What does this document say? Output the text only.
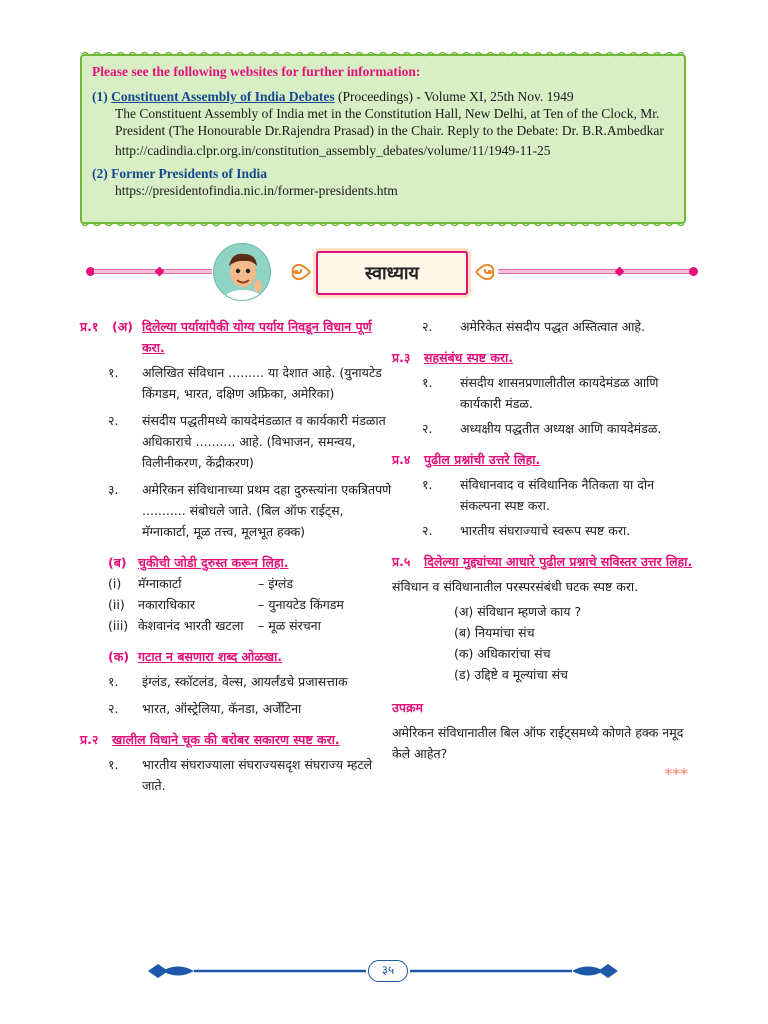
Please see the following websites for further information:
(1) Constituent Assembly of India Debates (Proceedings) - Volume XI, 25th Nov. 1949
The Constituent Assembly of India met in the Constitution Hall, New Delhi, at Ten of the Clock, Mr. President (The Honourable Dr.Rajendra Prasad) in the Chair. Reply to the Debate: Dr. B.R.Ambedkar
http://cadindia.clpr.org.in/constitution_assembly_debates/volume/11/1949-11-25
(2) Former Presidents of India
https://presidentofindia.nic.in/former-presidents.htm
स्वाध्याय
प्र.१	(अ) दिलेल्या पर्यायांपैकी योग्य पर्याय निवडून विधान पूर्ण करा.
१.	अलिखित संविधान ......... या देशात आहे. (युनायटेड किंगडम, भारत, दक्षिण अफ्रिका, अमेरिका)
२.	संसदीय पद्धतीमध्ये कायदेमंडळात व कार्यकारी मंडळात अधिकाराचे .......... आहे. (विभाजन, समन्वय, विलीनीकरण, केंद्रीकरण)
३.	अमेरिकन संविधानाच्या प्रथम दहा दुरुस्त्यांना एकत्रितपणे ........... संबोधले जाते. (बिल ऑफ राईट्स, मॅग्नाकार्टा, मूळ तत्त्व, मूलभूत हक्क)
(ब) चुकीची जोडी दुरुस्त करून लिहा.
(i)	मॅग्नाकार्टा	– इंग्लंड
(ii)	नकाराधिकार	– युनायटेड किंगडम
(iii) केशवानंद भारती खटला	– मूळ संरचना
(क) गटात न बसणारा शब्द ओळखा.
१.	इंग्लंड, स्कॉटलंड, वेल्स, आयर्लंडचे प्रजासत्ताक
२.	भारत, ऑस्ट्रेलिया, कॅनडा, अर्जेंटिना
प्र.२	खालील विधाने चूक की बरोबर सकारण स्पष्ट करा.
१.	भारतीय संघराज्याला संघराज्यसदृश संघराज्य म्हटले जाते.
२.	अमेरिकेत संसदीय पद्धत अस्तित्वात आहे.
प्र.३	सहसंबंध स्पष्ट करा.
१.	संसदीय शासनप्रणालीतील कायदेमंडळ आणि कार्यकारी मंडळ.
२.	अध्यक्षीय पद्धतीत अध्यक्ष आणि कायदेमंडळ.
प्र.४	पुढील प्रश्नांची उत्तरे लिहा.
१.	संविधानवाद व संविधानिक नैतिकता या दोन संकल्पना स्पष्ट करा.
२.	भारतीय संघराज्याचे स्वरूप स्पष्ट करा.
प्र.५	दिलेल्या मुद्द्यांच्या आधारे पुढील प्रश्नाचे सविस्तर उत्तर लिहा.
संविधान व संविधानातील परस्परसंबंधी घटक स्पष्ट करा.
(अ) संविधान म्हणजे काय ?
(ब) नियमांचा संच
(क) अधिकारांचा संच
(ड) उद्दिष्टे व मूल्यांचा संच
उपक्रम
अमेरिकन संविधानातील बिल ऑफ राईट्समध्ये कोणते हक्क नमूद केले आहेत?
***
३५
